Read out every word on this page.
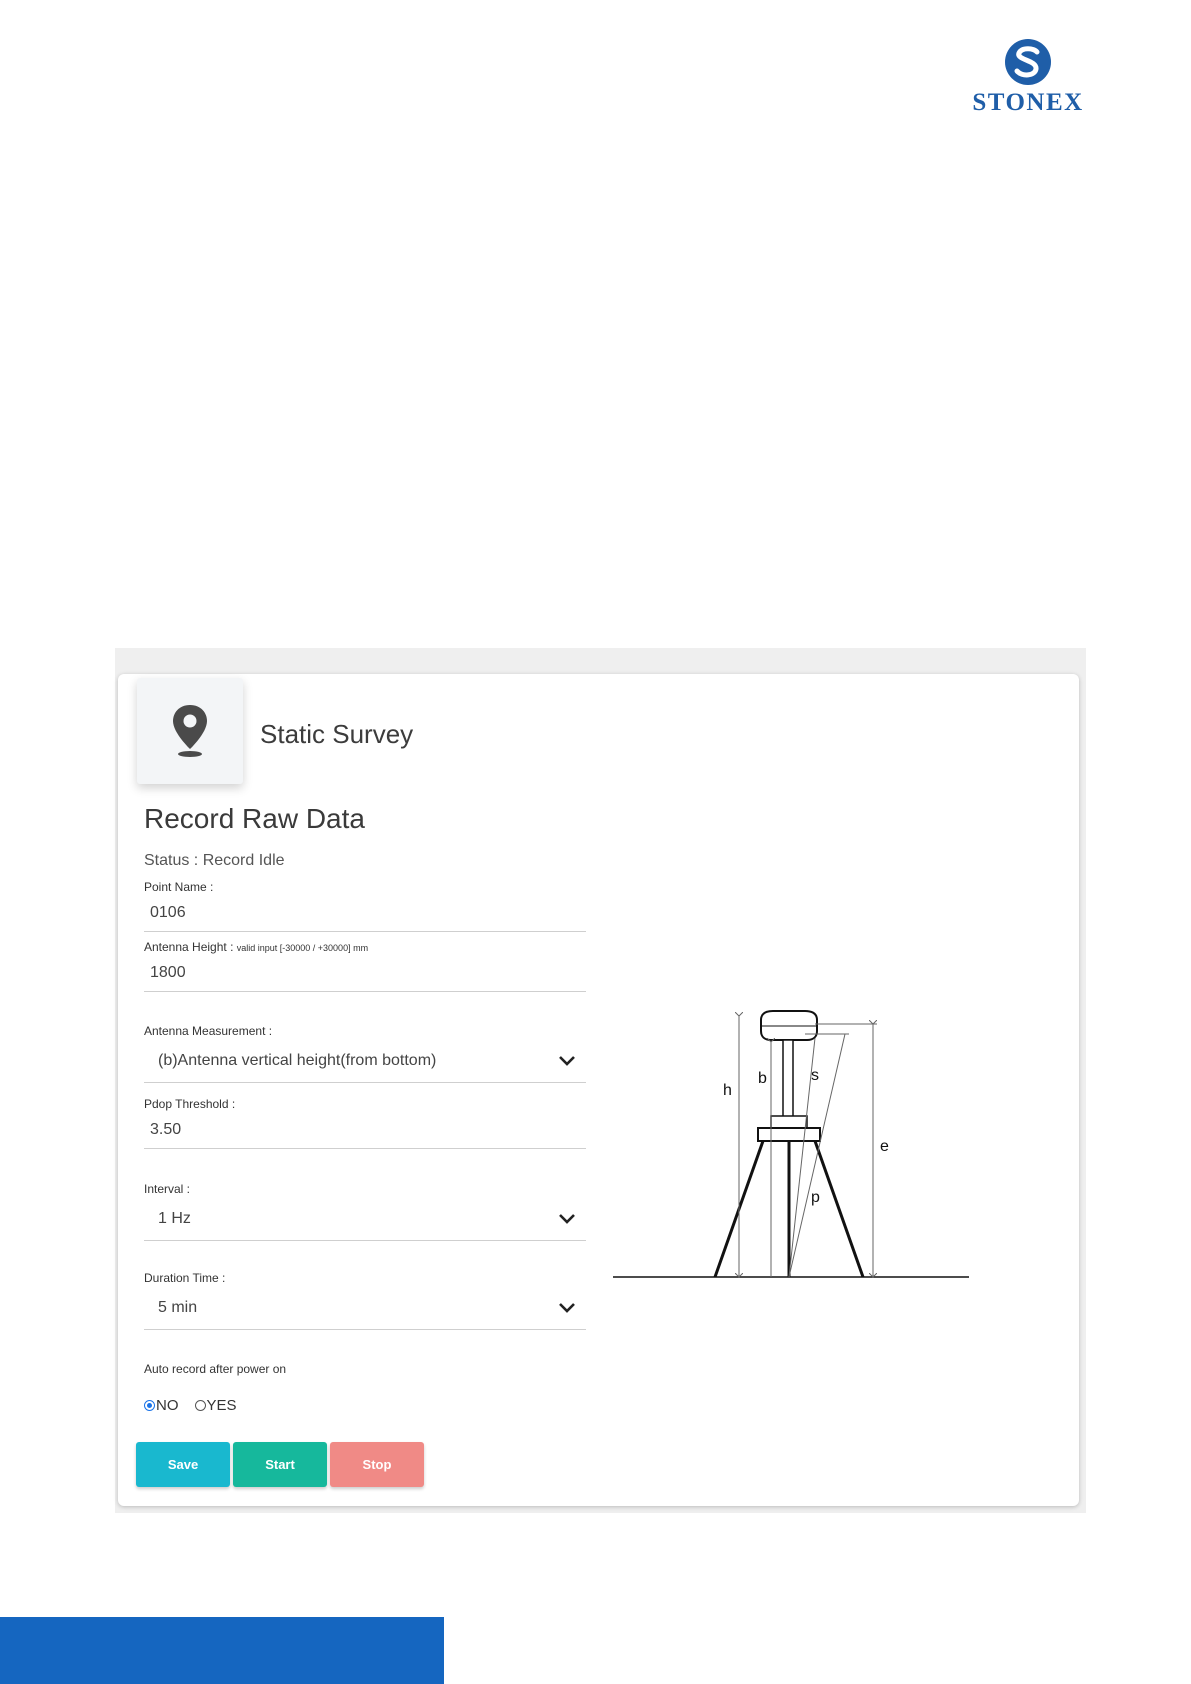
STONEX
Static Survey
Record Raw Data
Status : Record Idle
Point Name :
0106
Antenna Height : valid input [-30000 / +30000] mm
1800
Antenna Measurement :
(b)Antenna vertical height(from bottom)
Pdop Threshold :
3.50
Interval :
1 Hz
Duration Time :
5 min
Auto record after power on
NO YES
Save	Start	Stop
h
b	s
e
p
